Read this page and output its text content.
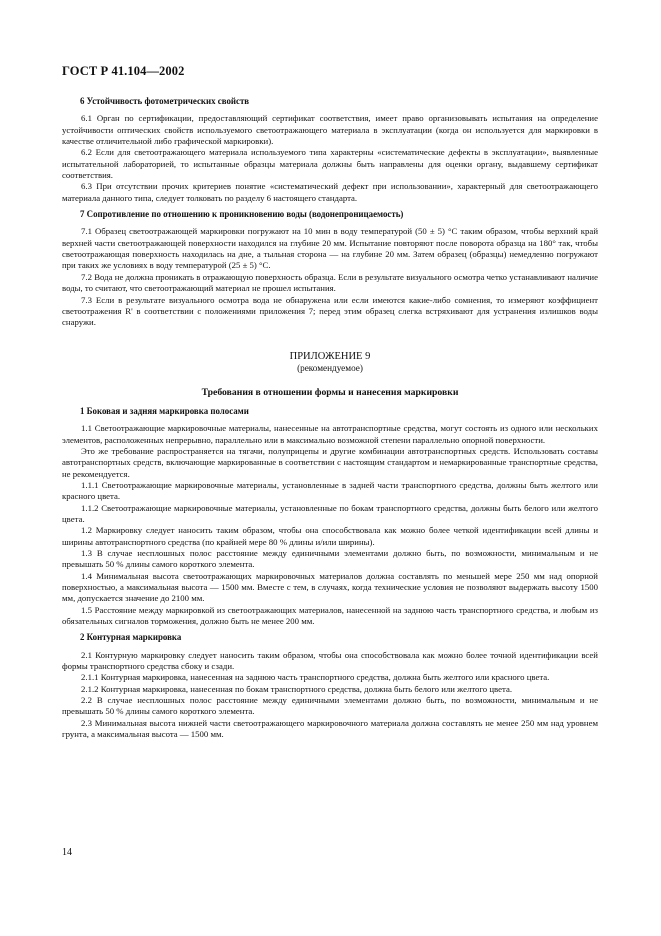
ГОСТ Р 41.104—2002
6 Устойчивость фотометрических свойств

6.1 Орган по сертификации, предоставляющий сертификат соответствия, имеет право организовывать испытания на определение устойчивости оптических свойств используемого светоотражающего материала в эксплуатации (когда он используется для маркировки в качестве отличительной либо графической маркировки).

6.2 Если для светоотражающего материала используемого типа характерны «систематические дефекты в эксплуатации», выявленные испытательной лабораторией, то испытанные образцы материала должны быть направлены для оценки органу, выдавшему сертификат соответствия.

6.3 При отсутствии прочих критериев понятие «систематический дефект при использовании», характерный для светоотражающего материала данного типа, следует толковать по разделу 6 настоящего стандарта.

7 Сопротивление по отношению к проникновению воды (водонепроницаемость)

7.1 Образец светоотражающей маркировки погружают на 10 мин в воду температурой (50 ± 5) °С таким образом, чтобы верхний край верхней части светоотражающей поверхности находился на глубине 20 мм. Испытание повторяют после поворота образца на 180° так, чтобы светоотражающая поверхность находилась на дне, а тыльная сторона — на глубине 20 мм. Затем образец (образцы) немедленно погружают при таких же условиях в воду температурой (25 ± 5) °С.

7.2 Вода не должна проникать в отражающую поверхность образца. Если в результате визуального осмотра четко устанавливают наличие воды, то считают, что светоотражающий материал не прошел испытания.

7.3 Если в результате визуального осмотра вода не обнаружена или если имеются какие-либо сомнения, то измеряют коэффициент светоотражения R' в соответствии с положениями приложения 7; перед этим образец слегка встряхивают для устранения излишков воды снаружи.

ПРИЛОЖЕНИЕ 9

(рекомендуемое)

Требования в отношении формы и нанесения маркировки
1 Боковая и задняя маркировка полосами

1.1 Светоотражающие маркировочные материалы, нанесенные на автотранспортные средства, могут состоять из одного или нескольких элементов, расположенных непрерывно, параллельно или в максимально возможной степени параллельно опорной поверхности.

Это же требование распространяется на тягачи, полуприцепы и другие комбинации автотранспортных средств. Использовать составы автотранспортных средств, включающие маркированные в соответствии с настоящим стандартом и немаркированные транспортные средства, не рекомендуется.

1.1.1 Светоотражающие маркировочные материалы, установленные в задней части транспортного средства, должны быть желтого или красного цвета.

1.1.2 Светоотражающие маркировочные материалы, установленные по бокам транспортного средства, должны быть белого или желтого цвета.

1.2 Маркировку следует наносить таким образом, чтобы она способствовала как можно более четкой идентификации всей длины и ширины автотранспортного средства (по крайней мере 80 % длины и/или ширины).

1.3 В случае несплошных полос расстояние между единичными элементами должно быть, по возможности, минимальным и не превышать 50 % длины самого короткого элемента.

1.4 Минимальная высота светоотражающих маркировочных материалов должна составлять по меньшей мере 250 мм над опорной поверхностью, а максимальная высота — 1500 мм. Вместе с тем, в случаях, когда технические условия не позволяют выдержать высоту 1500 мм, допускается значение до 2100 мм.

1.5 Расстояние между маркировкой из светоотражающих материалов, нанесенной на заднюю часть транспортного средства, и любым из обязательных сигналов торможения, должно быть не менее 200 мм.

2 Контурная маркировка

2.1 Контурную маркировку следует наносить таким образом, чтобы она способствовала как можно более точной идентификации всей формы транспортного средства сбоку и сзади.

2.1.1 Контурная маркировка, нанесенная на заднюю часть транспортного средства, должна быть желтого или красного цвета.

2.1.2 Контурная маркировка, нанесенная по бокам транспортного средства, должна быть белого или желтого цвета.

2.2 В случае несплошных полос расстояние между единичными элементами должно быть, по возможности, минимальным и не превышать 50 % длины самого короткого элемента.

2.3 Минимальная высота нижней части светоотражающего маркировочного материала должна составлять не менее 250 мм над уровнем грунта, а максимальная высота — 1500 мм.

14
